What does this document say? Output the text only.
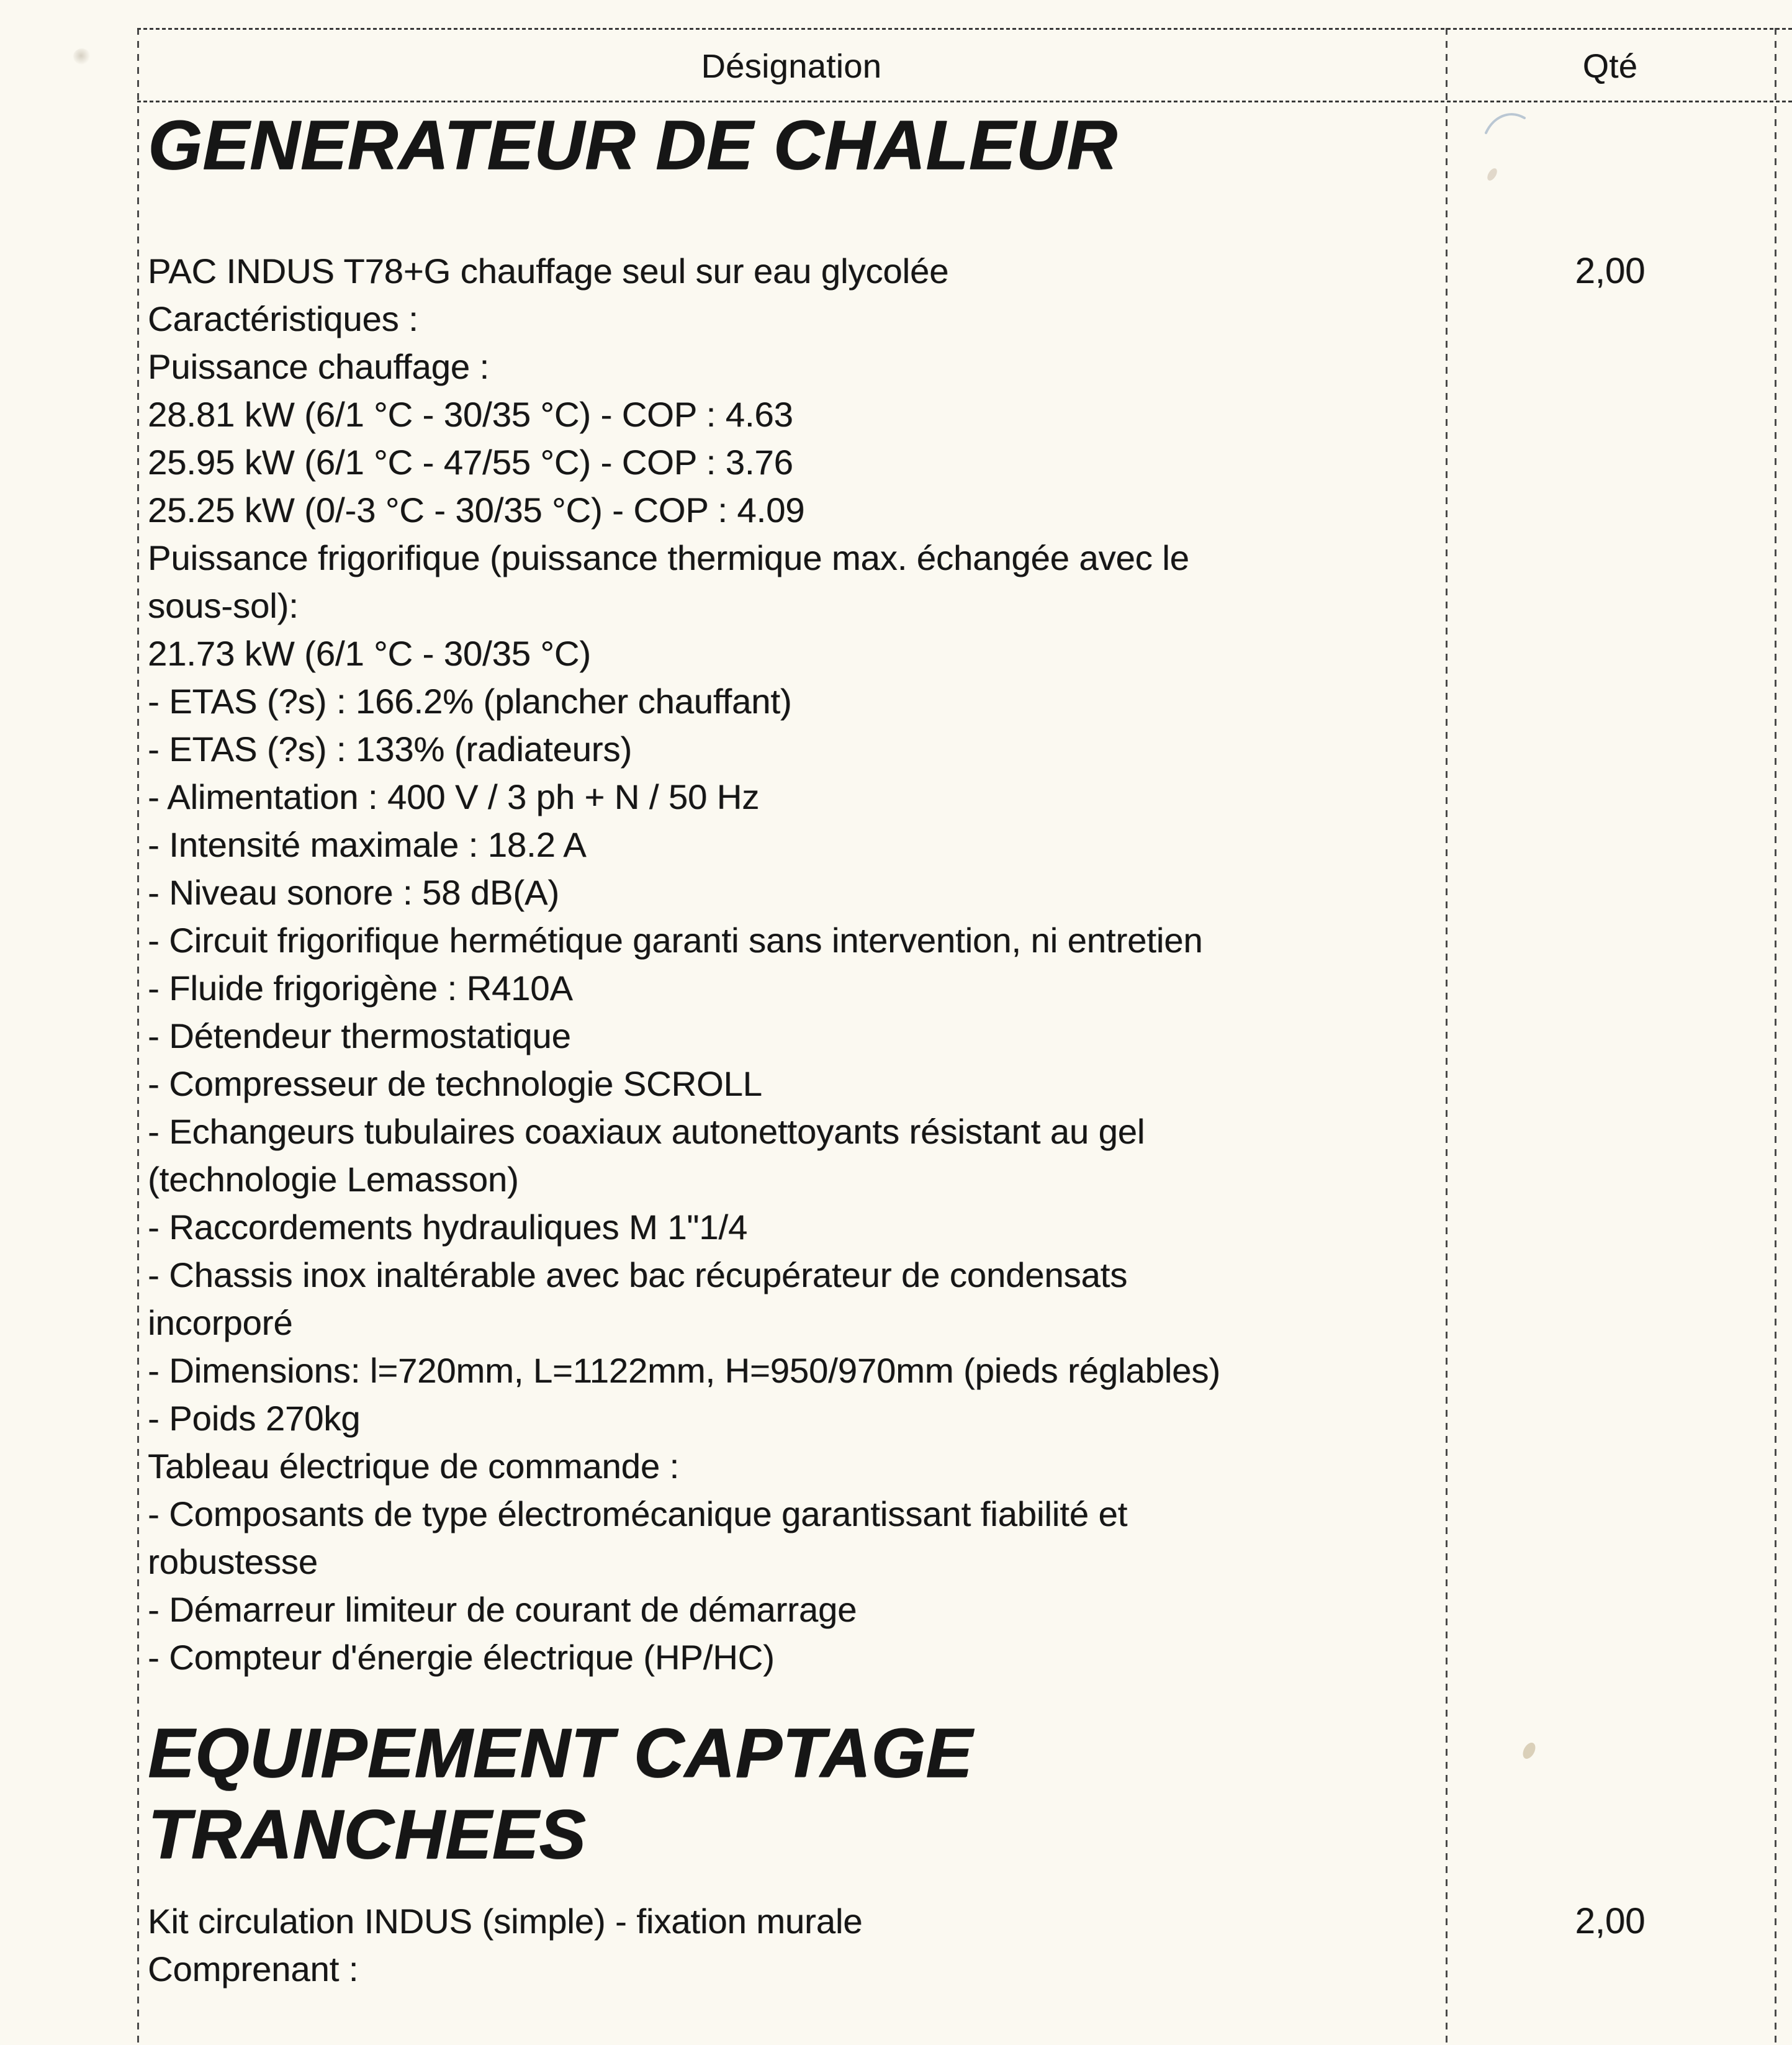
Désignation	Qté
GENERATEUR DE CHALEUR
PAC INDUS T78+G chauffage seul sur eau glycolée
Caractéristiques :
Puissance chauffage :
28.81 kW (6/1 °C - 30/35 °C) - COP : 4.63
25.95 kW (6/1 °C - 47/55 °C) - COP : 3.76
25.25 kW (0/-3 °C - 30/35 °C) - COP : 4.09
Puissance frigorifique (puissance thermique max. échangée avec le
sous-sol):
21.73 kW (6/1 °C - 30/35 °C)
- ETAS (?s) : 166.2% (plancher chauffant)
- ETAS (?s) : 133% (radiateurs)
- Alimentation : 400 V / 3 ph + N / 50 Hz
- Intensité maximale : 18.2 A
- Niveau sonore : 58 dB(A)
- Circuit frigorifique hermétique garanti sans intervention, ni entretien
- Fluide frigorigène : R410A
- Détendeur thermostatique
- Compresseur de technologie SCROLL
- Echangeurs tubulaires coaxiaux autonettoyants résistant au gel
(technologie Lemasson)
- Raccordements hydrauliques M 1"1/4
- Chassis inox inaltérable avec bac récupérateur de condensats
incorporé
- Dimensions: l=720mm, L=1122mm, H=950/970mm (pieds réglables)
- Poids 270kg
Tableau électrique de commande :
- Composants de type électromécanique garantissant fiabilité et
robustesse
- Démarreur limiteur de courant de démarrage
- Compteur d'énergie électrique (HP/HC)
2,00
EQUIPEMENT CAPTAGE
TRANCHEES
Kit circulation INDUS (simple) - fixation murale
Comprenant :
2,00
